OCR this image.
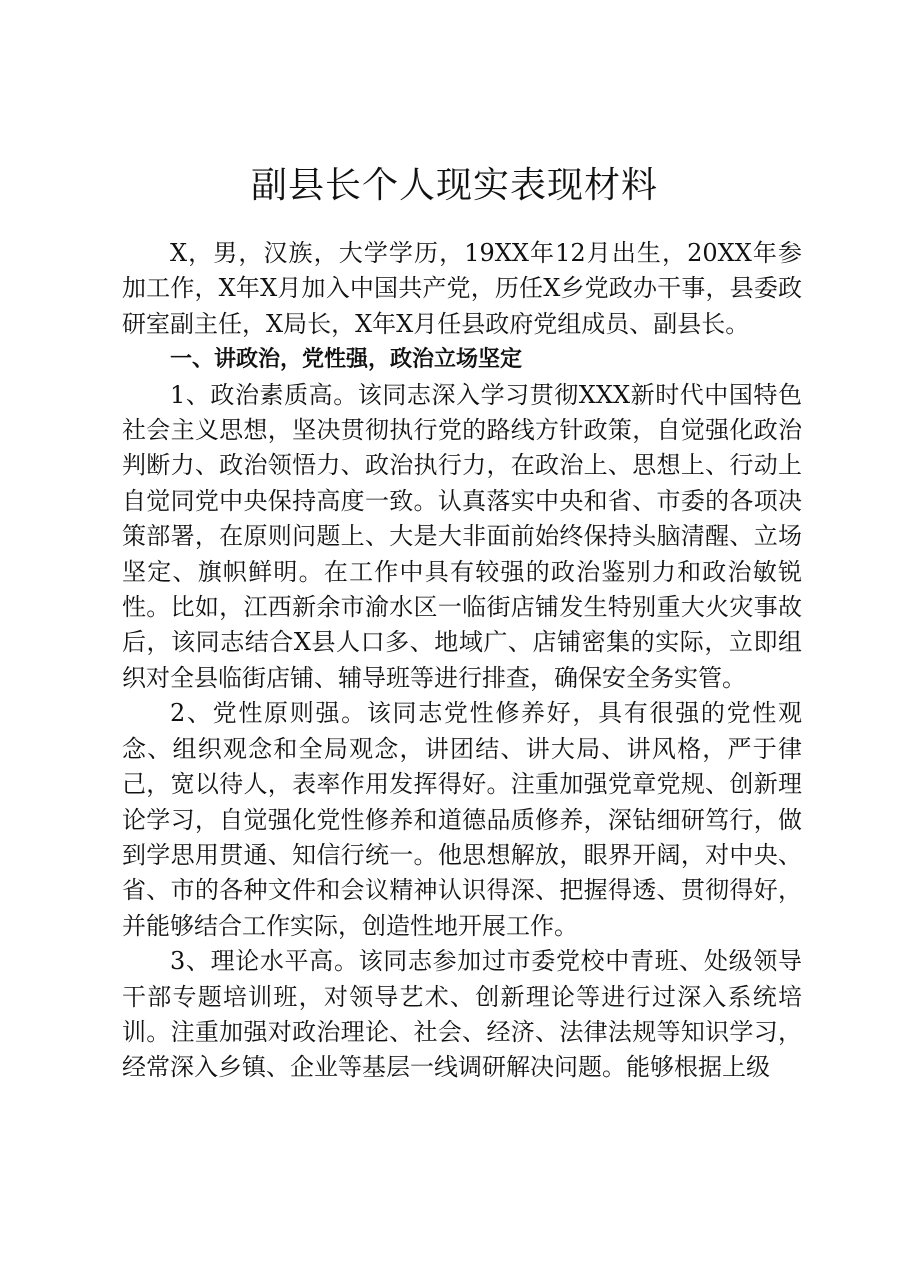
副县长个人现实表现材料

X，男，汉族，大学学历，19XX年12月出生，20XX年参加工作，X年X月加入中国共产党，历任X乡党政办干事，县委政研室副主任，X局长，X年X月任县政府党组成员、副县长。

一、讲政治，党性强，政治立场坚定

1、政治素质高。该同志深入学习贯彻XXX新时代中国特色社会主义思想，坚决贯彻执行党的路线方针政策，自觉强化政治判断力、政治领悟力、政治执行力，在政治上、思想上、行动上自觉同党中央保持高度一致。认真落实中央和省、市委的各项决策部署，在原则问题上、大是大非面前始终保持头脑清醒、立场坚定、旗帜鲜明。在工作中具有较强的政治鉴别力和政治敏锐性。比如，江西新余市渝水区一临街店铺发生特别重大火灾事故后，该同志结合X县人口多、地域广、店铺密集的实际，立即组织对全县临街店铺、辅导班等进行排查，确保安全务实管。

2、党性原则强。该同志党性修养好，具有很强的党性观念、组织观念和全局观念，讲团结、讲大局、讲风格，严于律己，宽以待人，表率作用发挥得好。注重加强党章党规、创新理论学习，自觉强化党性修养和道德品质修养，深钻细研笃行，做到学思用贯通、知信行统一。他思想解放，眼界开阔，对中央、省、市的各种文件和会议精神认识得深、把握得透、贯彻得好，并能够结合工作实际，创造性地开展工作。

3、理论水平高。该同志参加过市委党校中青班、处级领导干部专题培训班，对领导艺术、创新理论等进行过深入系统培训。注重加强对政治理论、社会、经济、法律法规等知识学习，经常深入乡镇、企业等基层一线调研解决问题。能够根据上级
